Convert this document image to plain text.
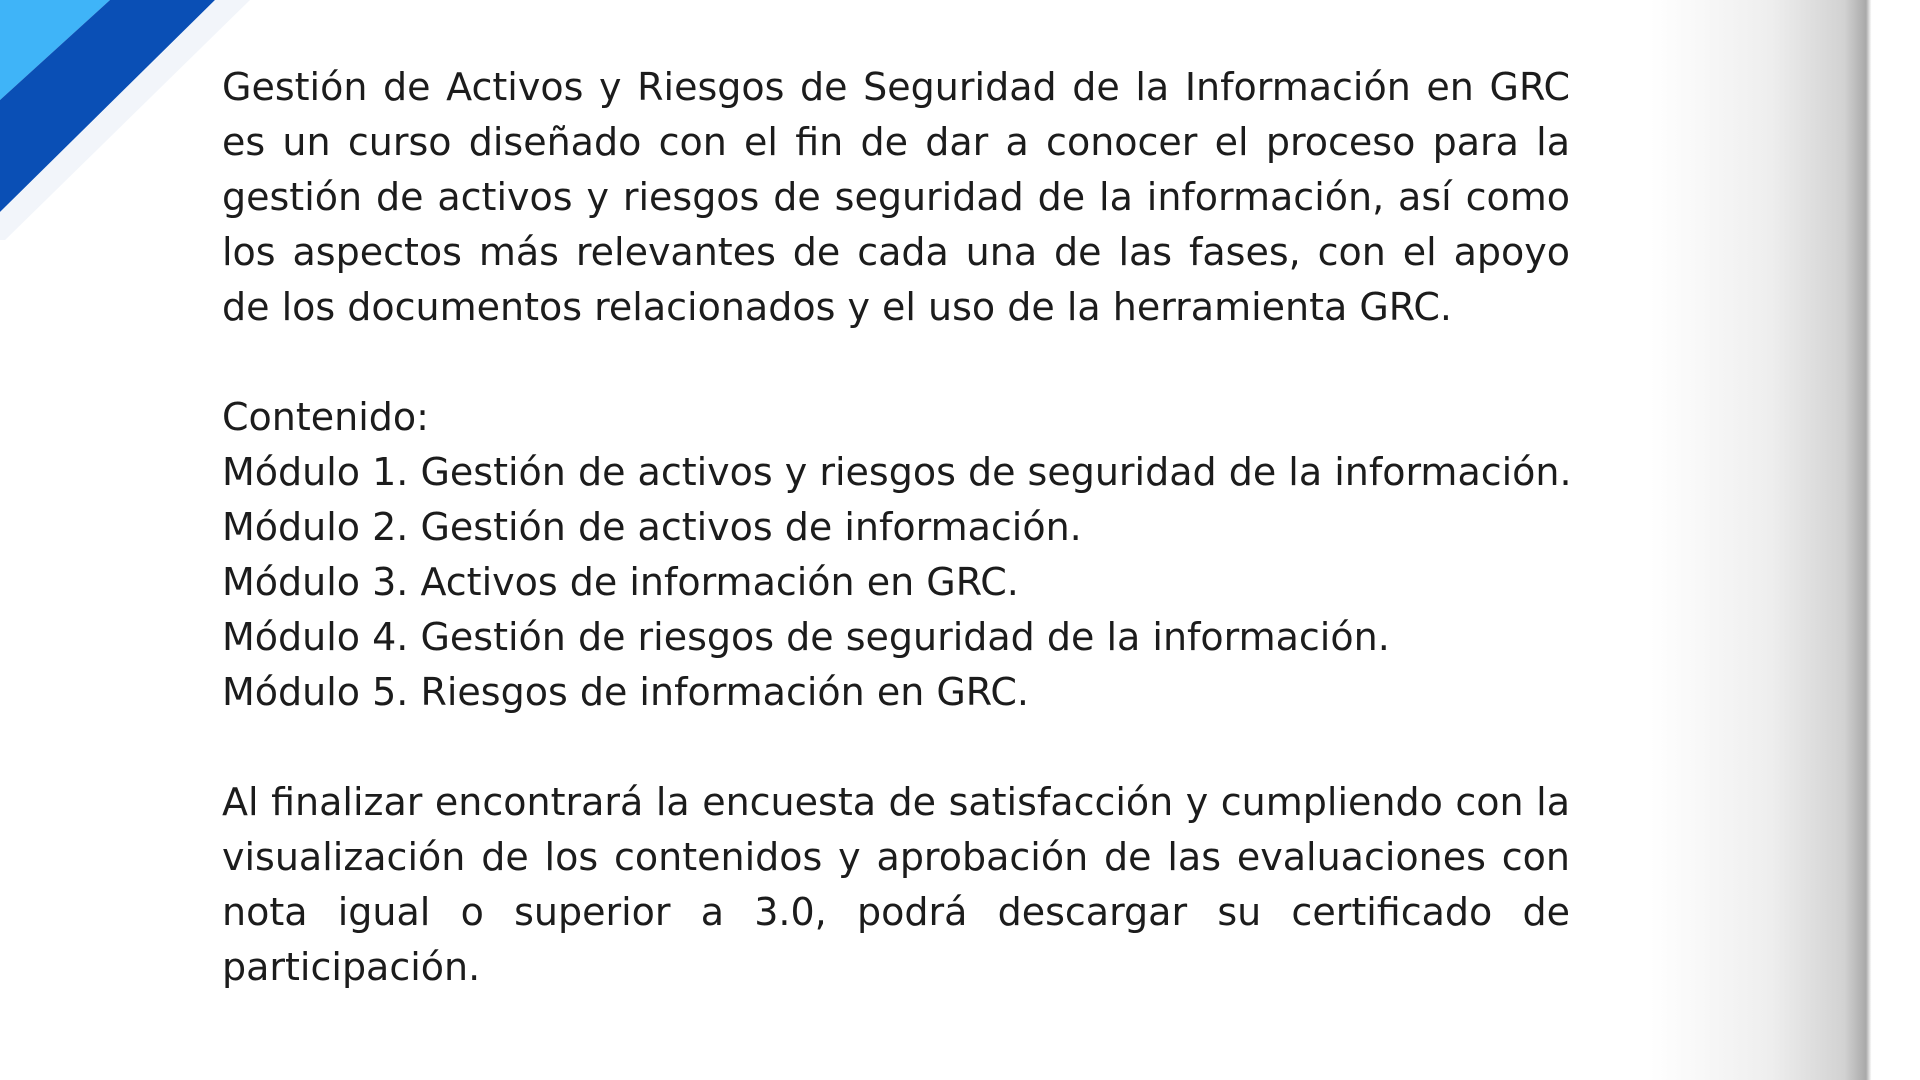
Gestión de Activos y Riesgos de Seguridad de la Información en GRC es un curso diseñado con el fin de dar a conocer el proceso para la gestión de activos y riesgos de seguridad de la información, así como los aspectos más relevantes de cada una de las fases, con el apoyo de los documentos relacionados y el uso de la herramienta GRC.

Contenido:

Módulo 1. Gestión de activos y riesgos de seguridad de la información.

Módulo 2. Gestión de activos de información.

Módulo 3. Activos de información en GRC.

Módulo 4. Gestión de riesgos de seguridad de la información.

Módulo 5. Riesgos de información en GRC.

Al finalizar encontrará la encuesta de satisfacción y cumpliendo con la visualización de los contenidos y aprobación de las evaluaciones con nota igual o superior a 3.0, podrá descargar su certificado de participación.
